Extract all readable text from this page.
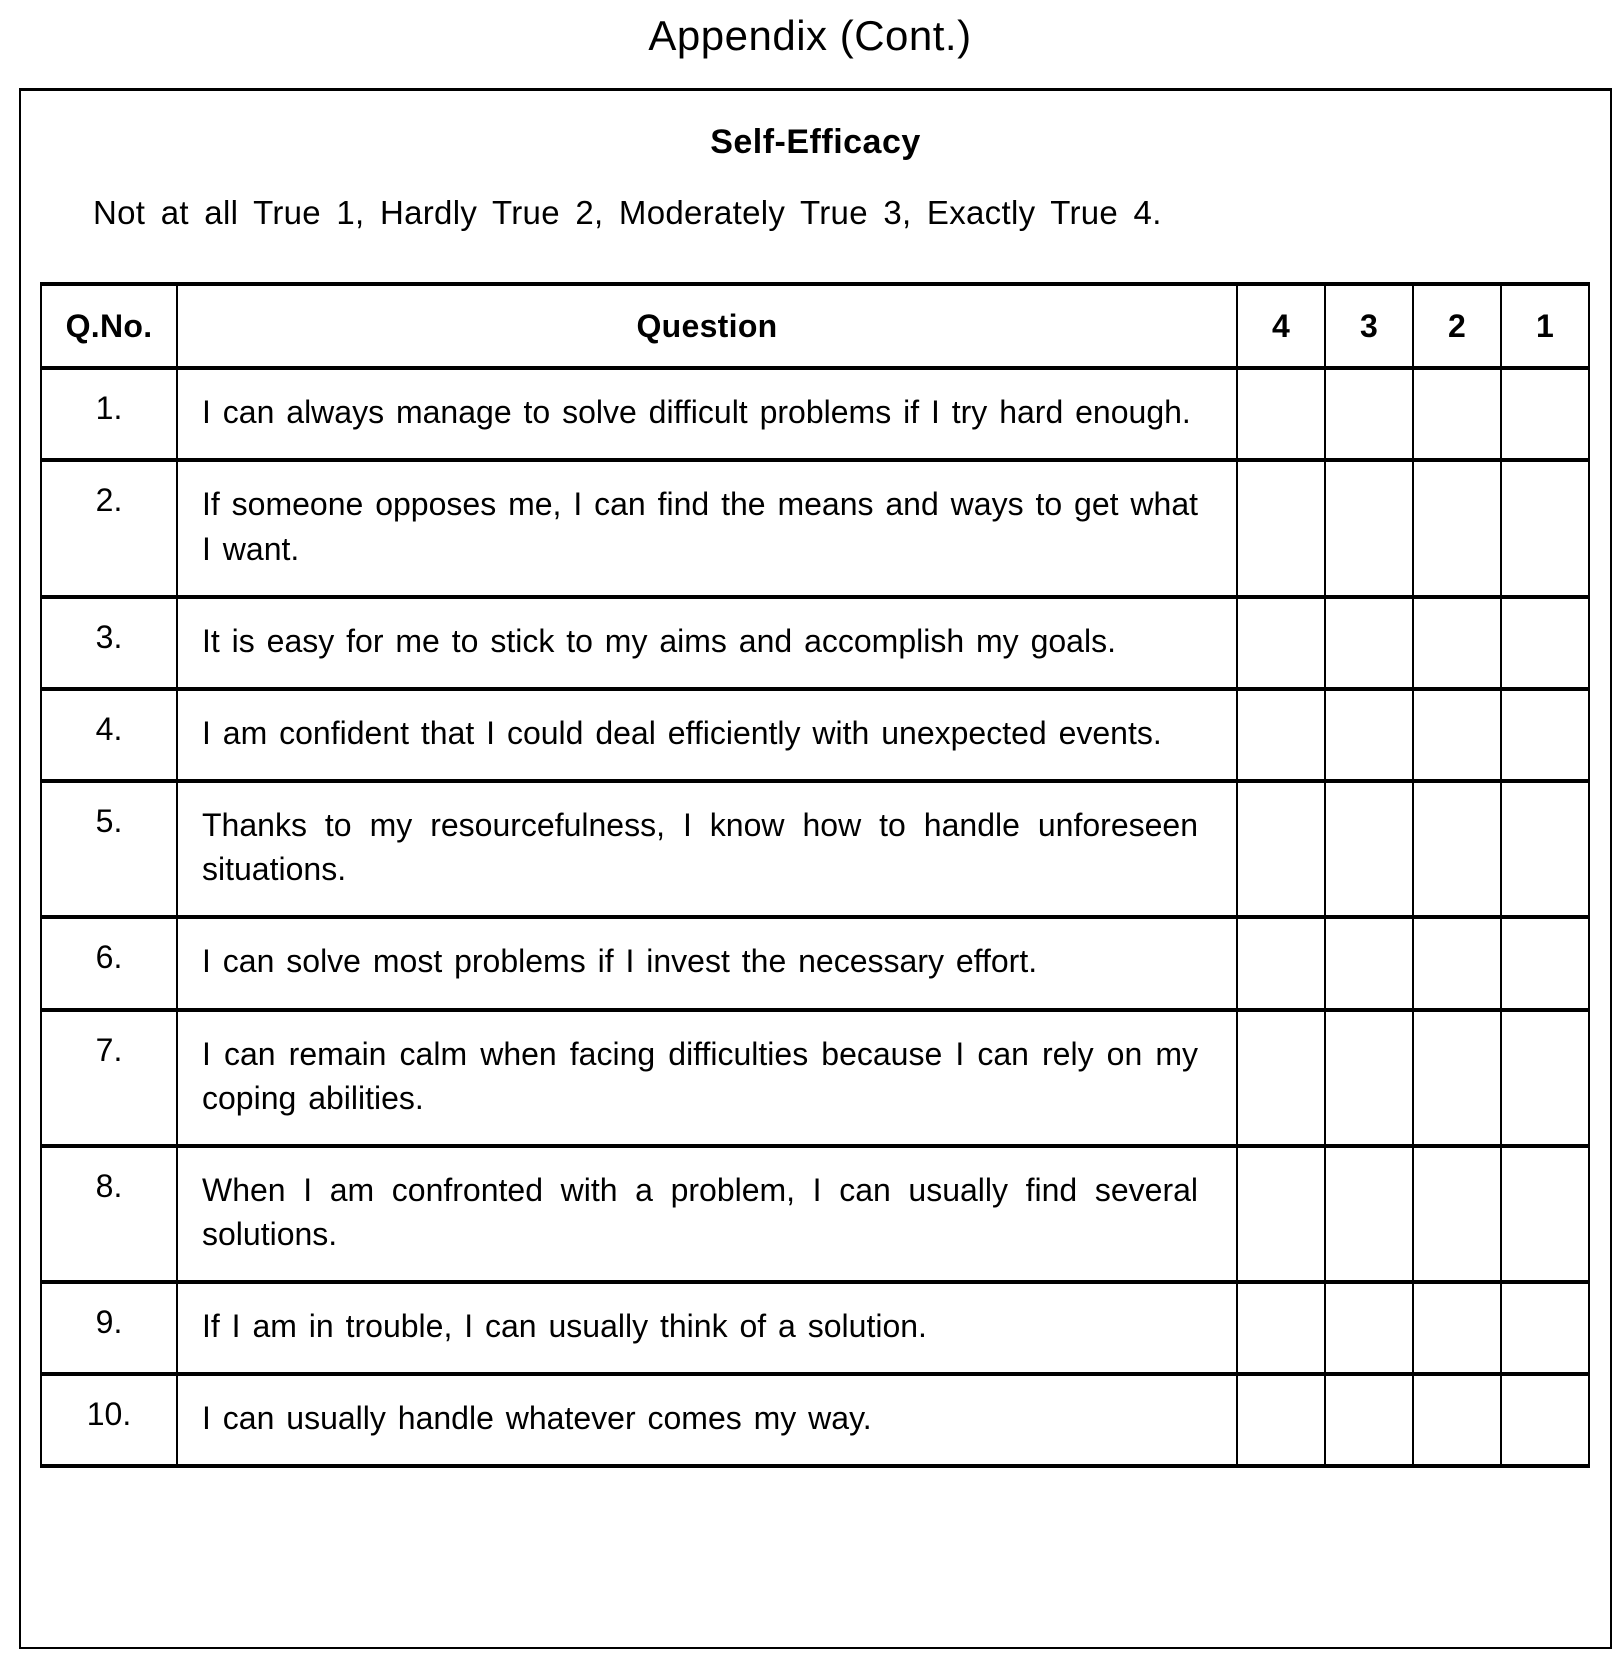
Appendix (Cont.)
Self-Efficacy
Not at all True 1, Hardly True 2, Moderately True 3, Exactly True 4.
Q.No.	Question	4	3	2	1
1.	I can always manage to solve difficult problems if I try hard enough.				
2.	If someone opposes me, I can find the means and ways to get what I want.				
3.	It is easy for me to stick to my aims and accomplish my goals.				
4.	I am confident that I could deal efficiently with unexpected events.				
5.	Thanks to my resourcefulness, I know how to handle unforeseen situations.				
6.	I can solve most problems if I invest the necessary effort.				
7.	I can remain calm when facing difficulties because I can rely on my coping abilities.				
8.	When I am confronted with a problem, I can usually find several solutions.				
9.	If I am in trouble, I can usually think of a solution.				
10.	I can usually handle whatever comes my way.				
